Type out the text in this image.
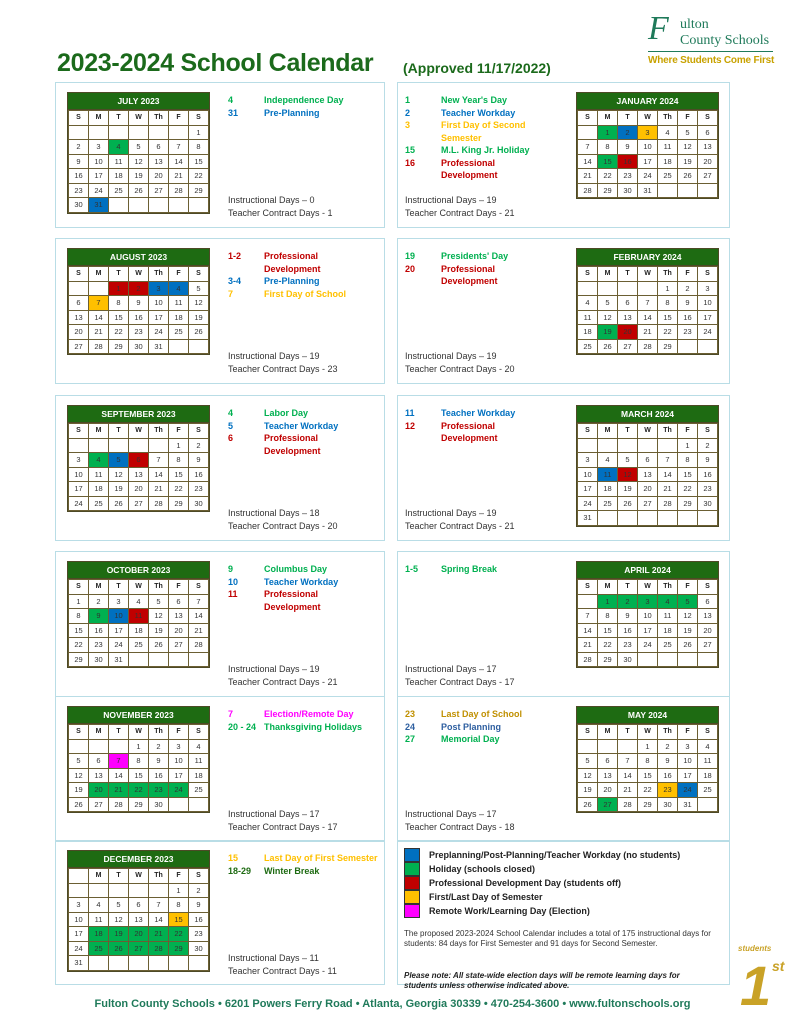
2023-2024 School Calendar (Approved 11/17/2022)
F ulton
County Schools
Where Students Come First
JULY 2023
S	M	T	W	Th	F	S
						1
2	3	4	5	6	7	8
9	10	11	12	13	14	15
16	17	18	19	20	21	22
23	24	25	26	27	28	29
30	31					
4	Independence Day
31	Pre-Planning
Instructional Days – 0
Teacher Contract Days - 1
AUGUST 2023
S	M	T	W	Th	F	S
		1	2	3	4	5
6	7	8	9	10	11	12
13	14	15	16	17	18	19
20	21	22	23	24	25	26
27	28	29	30	31		
1-2	Professional Development
3-4	Pre-Planning
7	First Day of School
Instructional Days – 19
Teacher Contract Days - 23
SEPTEMBER 2023
S	M	T	W	Th	F	S
					1	2
3	4	5	6	7	8	9
10	11	12	13	14	15	16
17	18	19	20	21	22	23
24	25	26	27	28	29	30
4	Labor Day
5	Teacher Workday
6	Professional Development
Instructional Days – 18
Teacher Contract Days - 20
OCTOBER 2023
S	M	T	W	Th	F	S
1	2	3	4	5	6	7
8	9	10	11	12	13	14
15	16	17	18	19	20	21
22	23	24	25	26	27	28
29	30	31				
9	Columbus Day
10	Teacher Workday
11	Professional Development
Instructional Days – 19
Teacher Contract Days - 21
NOVEMBER 2023
S	M	T	W	Th	F	S
			1	2	3	4
5	6	7	8	9	10	11
12	13	14	15	16	17	18
19	20	21	22	23	24	25
26	27	28	29	30		
7	Election/Remote Day
20 - 24 Thanksgiving Holidays
Instructional Days – 17
Teacher Contract Days - 17
DECEMBER 2023
	M	T	W	Th	F	S
					1	2
3	4	5	6	7	8	9
10	11	12	13	14	15	16
17	18	19	20	21	22	23
24	25	26	27	28	29	30
31						
15	Last Day of First Semester
18-29	Winter Break
Instructional Days – 11
Teacher Contract Days - 11
JANUARY 2024
S	M	T	W	Th	F	S
	1	2	3	4	5	6
7	8	9	10	11	12	13
14	15	16	17	18	19	20
21	22	23	24	25	26	27
28	29	30	31			
1	New Year's Day
2	Teacher Workday
3	First Day of Second Semester
15	M.L. King Jr. Holiday
16	Professional Development
Instructional Days – 19
Teacher Contract Days - 21
FEBRUARY 2024
S	M	T	W	Th	F	S
				1	2	3
4	5	6	7	8	9	10
11	12	13	14	15	16	17
18	19	20	21	22	23	24
25	26	27	28	29		
19	Presidents' Day
20	Professional Development
Instructional Days – 19
Teacher Contract Days - 20
MARCH 2024
S	M	T	W	Th	F	S
					1	2
3	4	5	6	7	8	9
10	11	12	13	14	15	16
17	18	19	20	21	22	23
24	25	26	27	28	29	30
31						
11	Teacher Workday
12	Professional Development
Instructional Days – 19
Teacher Contract Days - 21
APRIL 2024
S	M	T	W	Th	F	S
	1	2	3	4	5	6
7	8	9	10	11	12	13
14	15	16	17	18	19	20
21	22	23	24	25	26	27
28	29	30				
1-5	Spring Break
Instructional Days – 17
Teacher Contract Days - 17
MAY 2024
S	M	T	W	Th	F	S
			1	2	3	4
5	6	7	8	9	10	11
12	13	14	15	16	17	18
19	20	21	22	23	24	25
26	27	28	29	30	31	
23	Last Day of School
24	Post Planning
27	Memorial Day
Instructional Days – 17
Teacher Contract Days - 18
Preplanning/Post-Planning/Teacher Workday (no students)
Holiday (schools closed)
Professional Development Day (students off)
First/Last Day of Semester
Remote Work/Learning Day (Election)
The proposed 2023-2024 School Calendar includes a total of 175 instructional days for students: 84 days for First Semester and 91 days for Second Semester.
Please note: All state-wide election days will be remote learning days for students unless otherwise indicated above.
Fulton County Schools • 6201 Powers Ferry Road • Atlanta, Georgia 30339 • 470-254-3600 • www.fultonschools.org
students
1 st
